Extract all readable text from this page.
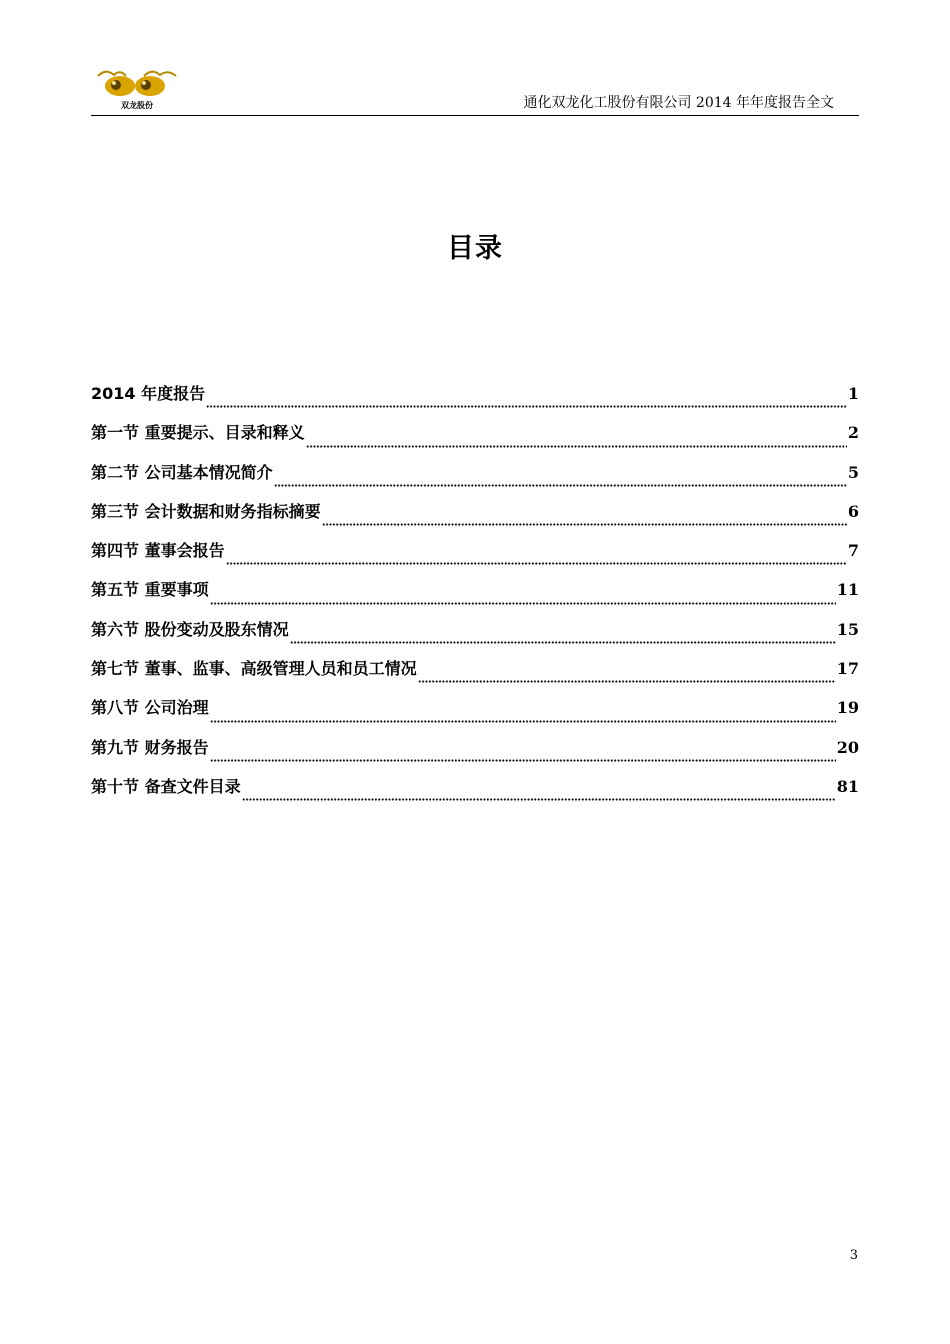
双龙股份	通化双龙化工股份有限公司 2014 年年度报告全文
目录
2014 年度报告	1
第一节 重要提示、目录和释义	2
第二节 公司基本情况简介	5
第三节 会计数据和财务指标摘要	6
第四节 董事会报告	7
第五节 重要事项	11
第六节 股份变动及股东情况	15
第七节 董事、监事、高级管理人员和员工情况	17
第八节 公司治理	19
第九节 财务报告	20
第十节 备查文件目录	81
3
